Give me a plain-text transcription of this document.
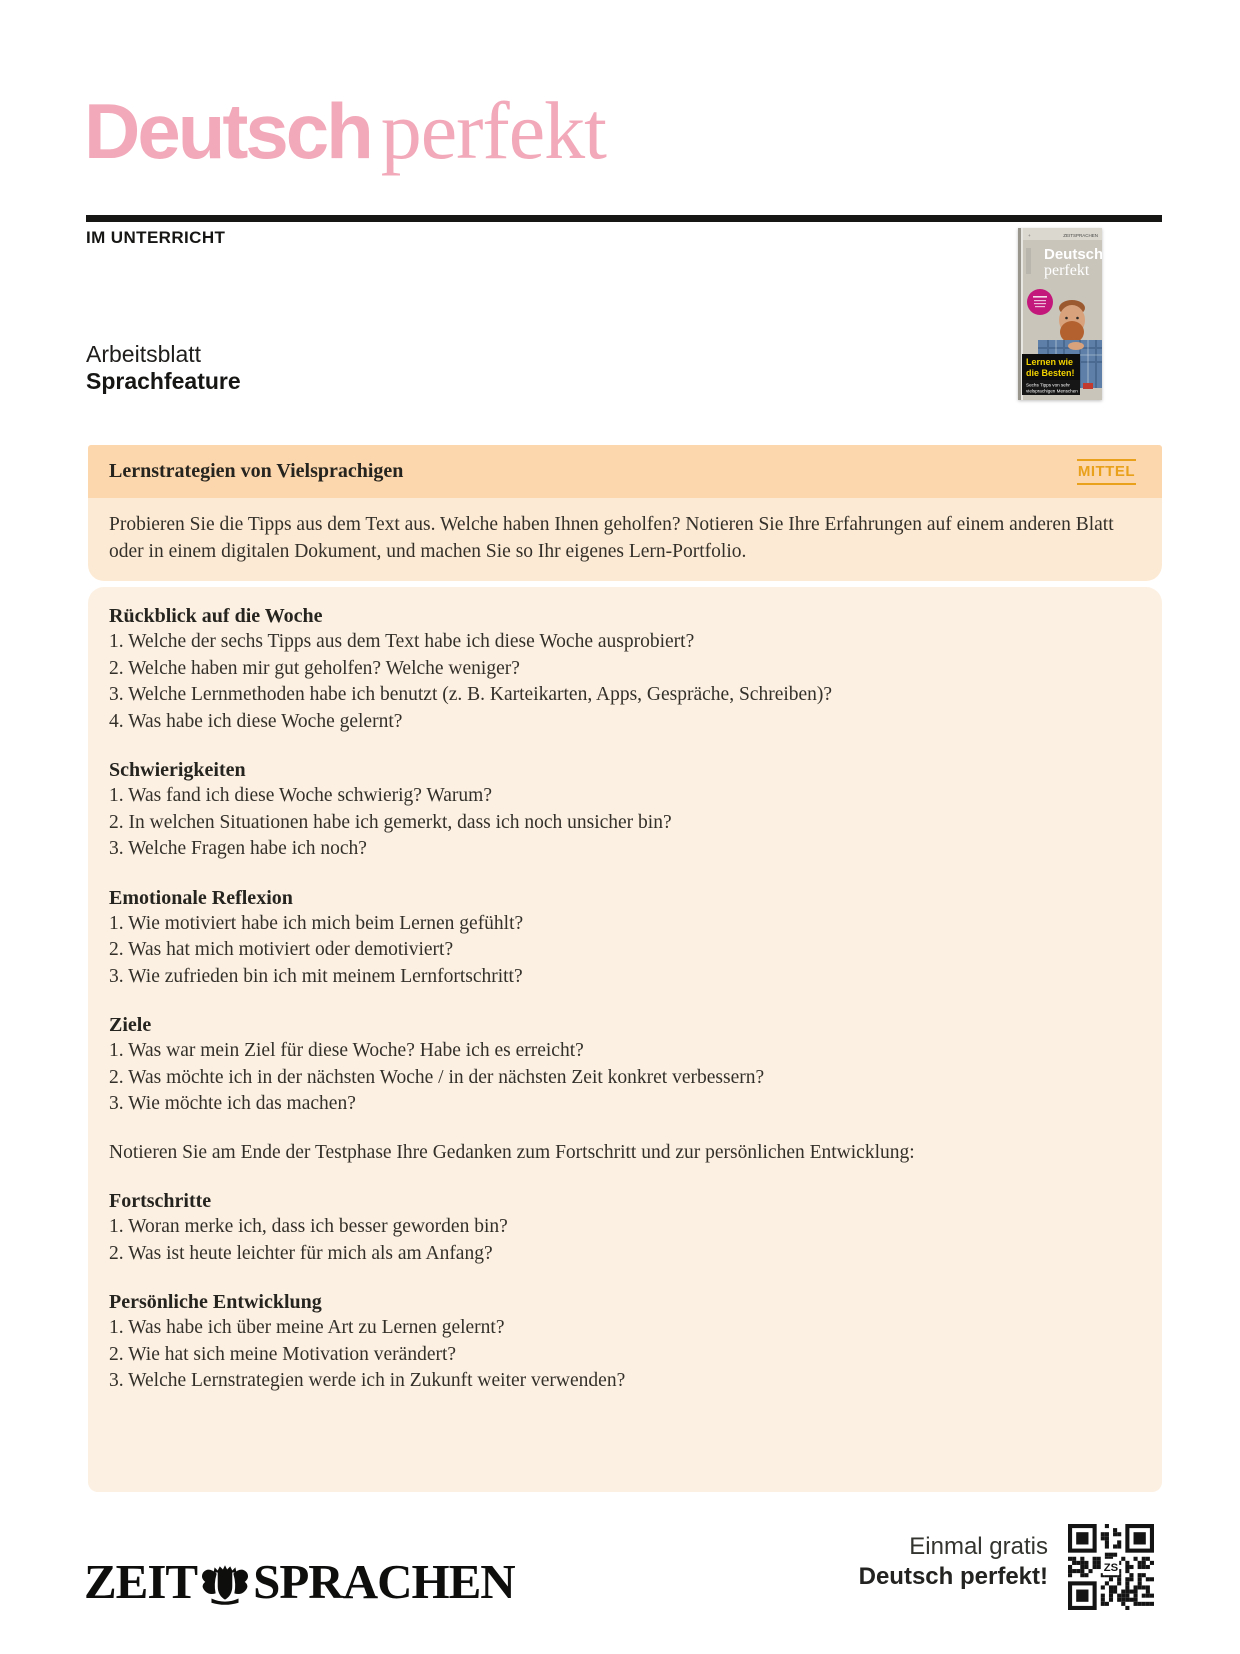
Deutsch perfekt
IM UNTERRICHT	+	ZEITSPRACHEN
Deutsch
perfekt
Lernen wie
die Besten!
Sechs Tipps von sehr
vielsprachigen Menschen
Arbeitsblatt
Sprachfeature
Lernstrategien von Vielsprachigen	MITTEL
Probieren Sie die Tipps aus dem Text aus. Welche haben Ihnen geholfen? Notieren Sie Ihre Erfahrungen auf einem anderen Blatt oder in einem digitalen Dokument, und machen Sie so Ihr eigenes Lern-Portfolio.
Rückblick auf die Woche

1. Welche der sechs Tipps aus dem Text habe ich diese Woche ausprobiert?

2. Welche haben mir gut geholfen? Welche weniger?

3. Welche Lernmethoden habe ich benutzt (z. B. Karteikarten, Apps, Gespräche, Schreiben)?

4. Was habe ich diese Woche gelernt?

Schwierigkeiten

1. Was fand ich diese Woche schwierig? Warum?

2. In welchen Situationen habe ich gemerkt, dass ich noch unsicher bin?

3. Welche Fragen habe ich noch?

Emotionale Reflexion

1. Wie motiviert habe ich mich beim Lernen gefühlt?

2. Was hat mich motiviert oder demotiviert?

3. Wie zufrieden bin ich mit meinem Lernfortschritt?

Ziele

1. Was war mein Ziel für diese Woche? Habe ich es erreicht?

2. Was möchte ich in der nächsten Woche / in der nächsten Zeit konkret verbessern?

3. Wie möchte ich das machen?

Notieren Sie am Ende der Testphase Ihre Gedanken zum Fortschritt und zur persönlichen Entwicklung:

Fortschritte

1. Woran merke ich, dass ich besser geworden bin?

2. Was ist heute leichter für mich als am Anfang?

Persönliche Entwicklung

1. Was habe ich über meine Art zu Lernen gelernt?

2. Wie hat sich meine Motivation verändert?

3. Welche Lernstrategien werde ich in Zukunft weiter verwenden?

ZEIT SPRACHEN
Einmal gratis
Deutsch perfekt!	ZS
